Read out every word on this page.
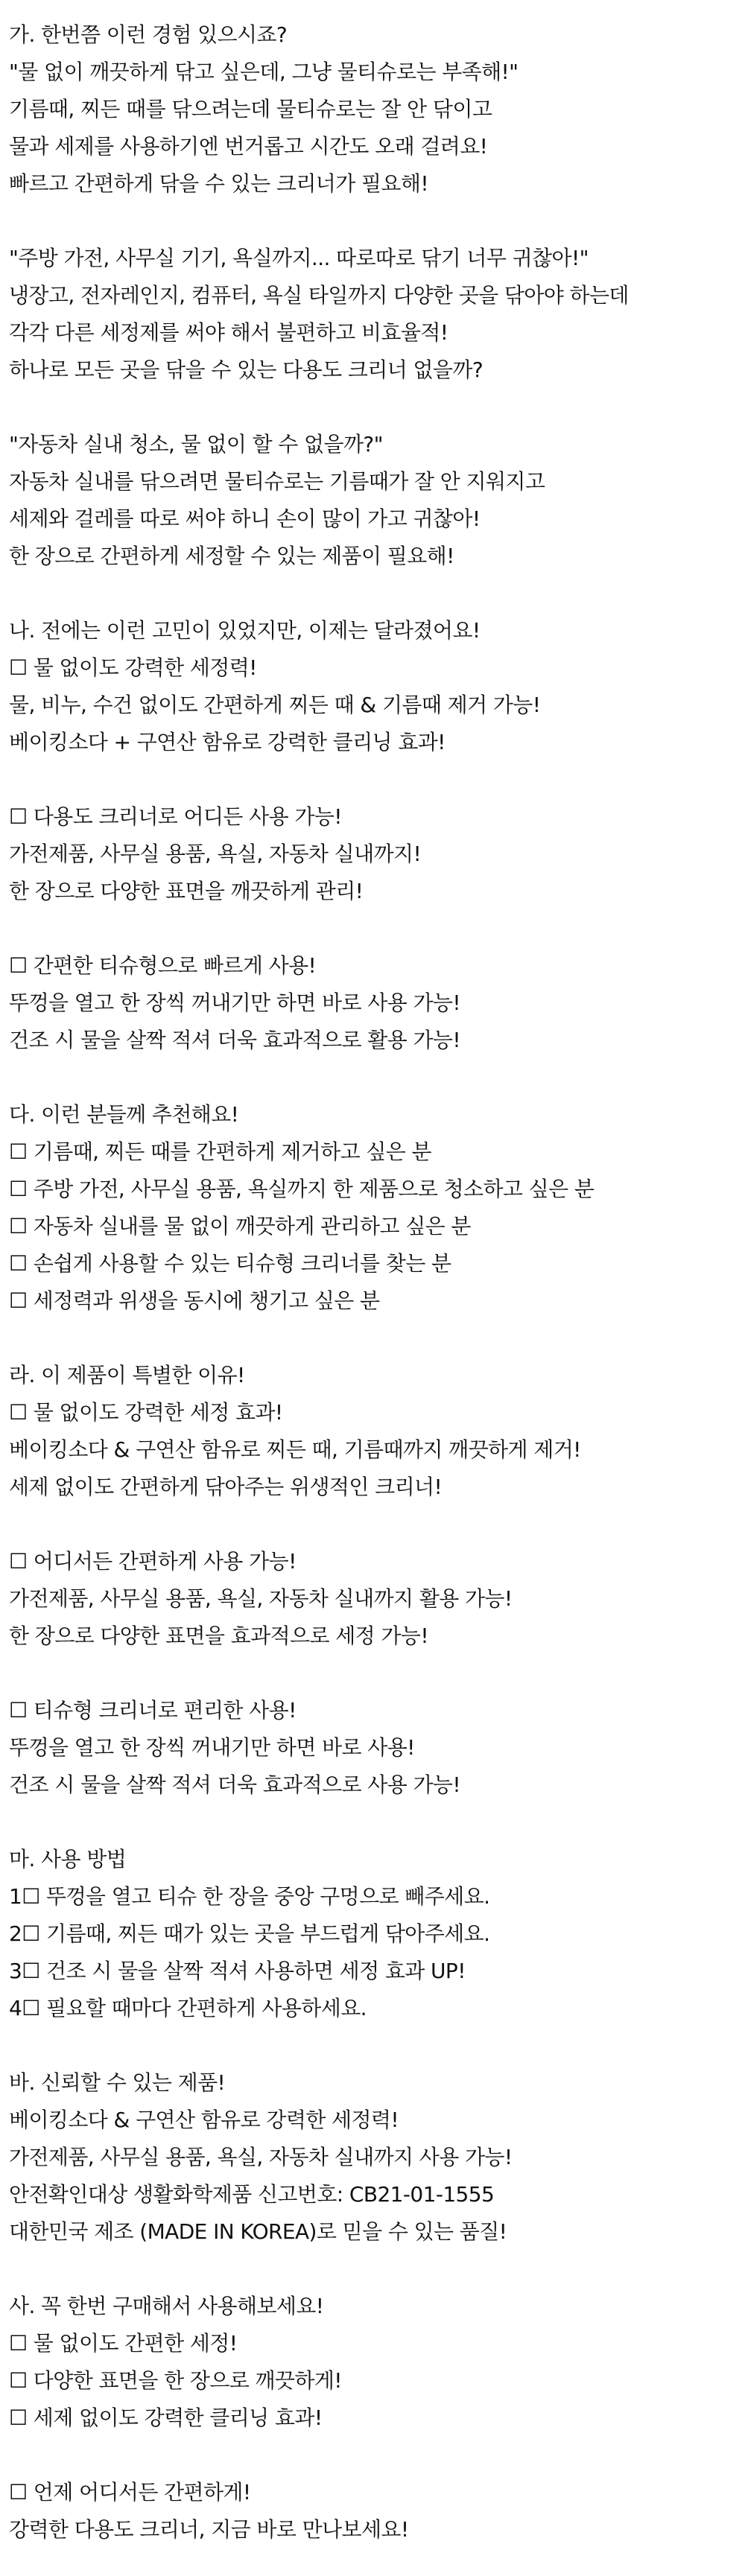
가. 한번쯤 이런 경험 있으시죠?
"물 없이 깨끗하게 닦고 싶은데, 그냥 물티슈로는 부족해!"
기름때, 찌든 때를 닦으려는데 물티슈로는 잘 안 닦이고
물과 세제를 사용하기엔 번거롭고 시간도 오래 걸려요!
빠르고 간편하게 닦을 수 있는 크리너가 필요해!
"주방 가전, 사무실 기기, 욕실까지... 따로따로 닦기 너무 귀찮아!"
냉장고, 전자레인지, 컴퓨터, 욕실 타일까지 다양한 곳을 닦아야 하는데
각각 다른 세정제를 써야 해서 불편하고 비효율적!
하나로 모든 곳을 닦을 수 있는 다용도 크리너 없을까?
"자동차 실내 청소, 물 없이 할 수 없을까?"
자동차 실내를 닦으려면 물티슈로는 기름때가 잘 안 지워지고
세제와 걸레를 따로 써야 하니 손이 많이 가고 귀찮아!
한 장으로 간편하게 세정할 수 있는 제품이 필요해!
나. 전에는 이런 고민이 있었지만, 이제는 달라졌어요!
☐ 물 없이도 강력한 세정력!
물, 비누, 수건 없이도 간편하게 찌든 때 & 기름때 제거 가능!
베이킹소다 + 구연산 함유로 강력한 클리닝 효과!
☐ 다용도 크리너로 어디든 사용 가능!
가전제품, 사무실 용품, 욕실, 자동차 실내까지!
한 장으로 다양한 표면을 깨끗하게 관리!
☐ 간편한 티슈형으로 빠르게 사용!
뚜껑을 열고 한 장씩 꺼내기만 하면 바로 사용 가능!
건조 시 물을 살짝 적셔 더욱 효과적으로 활용 가능!
다. 이런 분들께 추천해요!
☐ 기름때, 찌든 때를 간편하게 제거하고 싶은 분
☐ 주방 가전, 사무실 용품, 욕실까지 한 제품으로 청소하고 싶은 분
☐ 자동차 실내를 물 없이 깨끗하게 관리하고 싶은 분
☐ 손쉽게 사용할 수 있는 티슈형 크리너를 찾는 분
☐ 세정력과 위생을 동시에 챙기고 싶은 분
라. 이 제품이 특별한 이유!
☐ 물 없이도 강력한 세정 효과!
베이킹소다 & 구연산 함유로 찌든 때, 기름때까지 깨끗하게 제거!
세제 없이도 간편하게 닦아주는 위생적인 크리너!
☐ 어디서든 간편하게 사용 가능!
가전제품, 사무실 용품, 욕실, 자동차 실내까지 활용 가능!
한 장으로 다양한 표면을 효과적으로 세정 가능!
☐ 티슈형 크리너로 편리한 사용!
뚜껑을 열고 한 장씩 꺼내기만 하면 바로 사용!
건조 시 물을 살짝 적셔 더욱 효과적으로 사용 가능!
마. 사용 방법
1☐ 뚜껑을 열고 티슈 한 장을 중앙 구멍으로 빼주세요.
2☐ 기름때, 찌든 때가 있는 곳을 부드럽게 닦아주세요.
3☐ 건조 시 물을 살짝 적셔 사용하면 세정 효과 UP!
4☐ 필요할 때마다 간편하게 사용하세요.
바. 신뢰할 수 있는 제품!
베이킹소다 & 구연산 함유로 강력한 세정력!
가전제품, 사무실 용품, 욕실, 자동차 실내까지 사용 가능!
안전확인대상 생활화학제품 신고번호: CB21-01-1555
대한민국 제조 (MADE IN KOREA)로 믿을 수 있는 품질!
사. 꼭 한번 구매해서 사용해보세요!
☐ 물 없이도 간편한 세정!
☐ 다양한 표면을 한 장으로 깨끗하게!
☐ 세제 없이도 강력한 클리닝 효과!
☐ 언제 어디서든 간편하게!
강력한 다용도 크리너, 지금 바로 만나보세요!
